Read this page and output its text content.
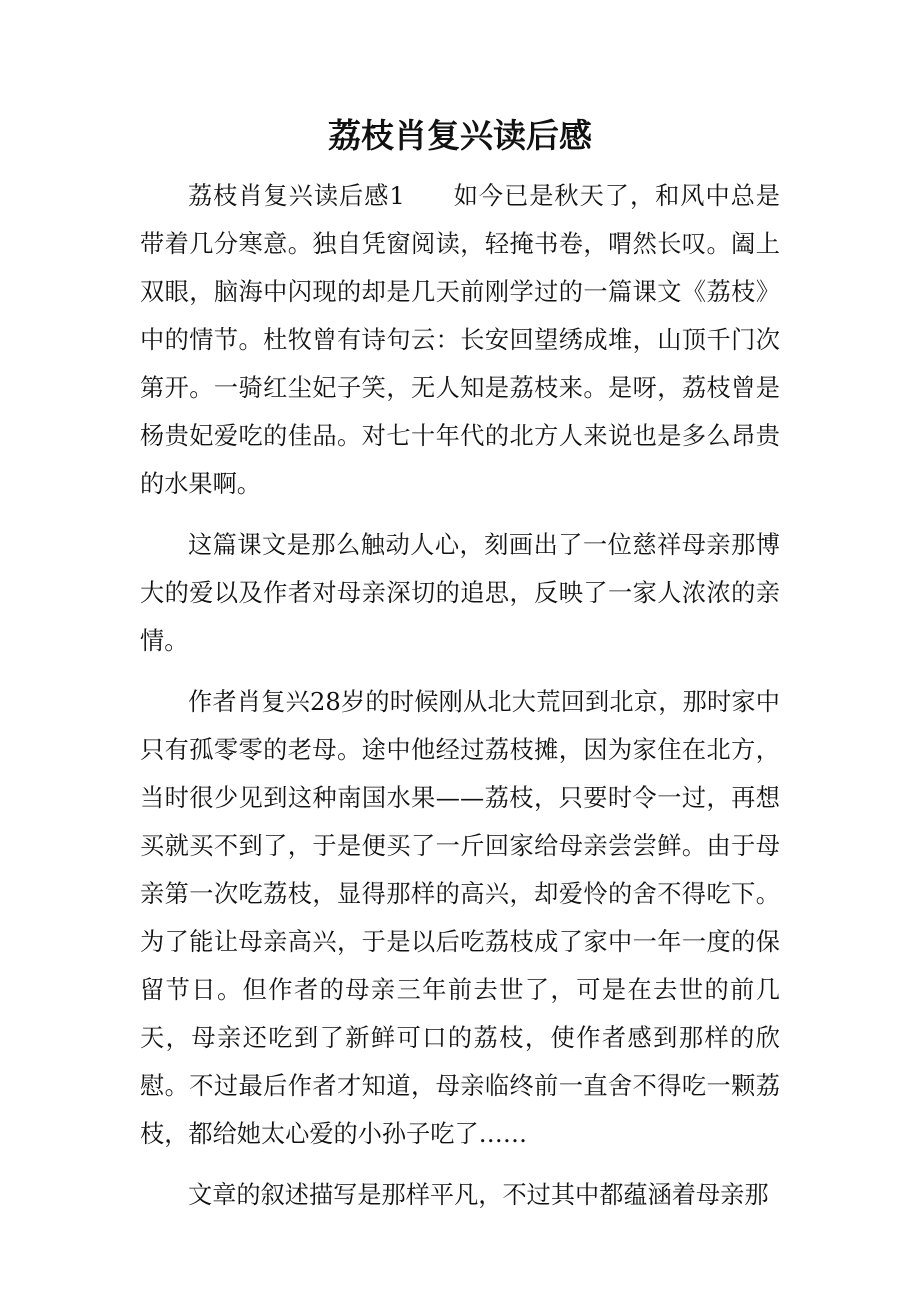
荔枝肖复兴读后感

荔枝肖复兴读后感1 如今已是秋天了，和风中总是带着几分寒意。独自凭窗阅读，轻掩书卷，喟然长叹。阖上双眼，脑海中闪现的却是几天前刚学过的一篇课文《荔枝》中的情节。杜牧曾有诗句云：长安回望绣成堆，山顶千门次第开。一骑红尘妃子笑，无人知是荔枝来。是呀，荔枝曾是杨贵妃爱吃的佳品。对七十年代的北方人来说也是多么昂贵的水果啊。

这篇课文是那么触动人心，刻画出了一位慈祥母亲那博大的爱以及作者对母亲深切的追思，反映了一家人浓浓的亲情。

作者肖复兴28岁的时候刚从北大荒回到北京，那时家中只有孤零零的老母。途中他经过荔枝摊，因为家住在北方，当时很少见到这种南国水果——荔枝，只要时令一过，再想买就买不到了，于是便买了一斤回家给母亲尝尝鲜。由于母亲第一次吃荔枝，显得那样的高兴，却爱怜的舍不得吃下。为了能让母亲高兴，于是以后吃荔枝成了家中一年一度的保留节日。但作者的母亲三年前去世了，可是在去世的前几天，母亲还吃到了新鲜可口的荔枝，使作者感到那样的欣慰。不过最后作者才知道，母亲临终前一直舍不得吃一颗荔枝，都给她太心爱的小孙子吃了……

文章的叙述描写是那样平凡，不过其中都蕴涵着母亲那
